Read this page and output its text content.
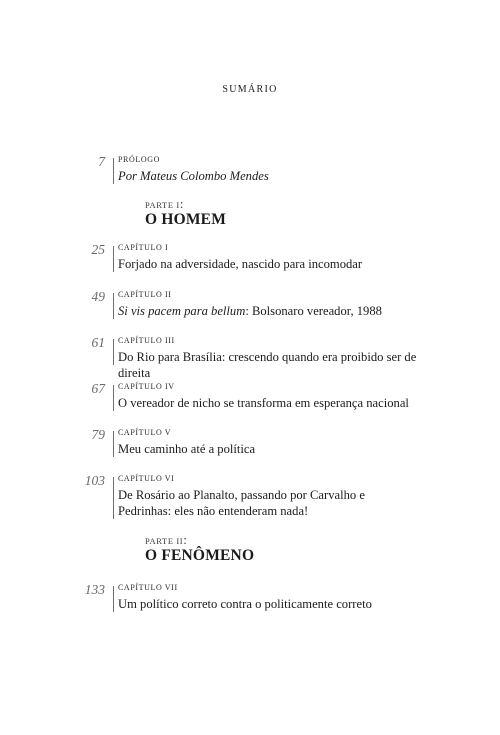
SUMÁRIO
7 PRÓLOGO
Por Mateus Colombo Mendes
PARTE I:
O HOMEM
25 CAPÍTULO I
Forjado na adversidade, nascido para incomodar
49 CAPÍTULO II
Si vis pacem para bellum: Bolsonaro vereador, 1988
61 CAPÍTULO III
Do Rio para Brasília: crescendo quando era proibido ser de direita
67 CAPÍTULO IV
O vereador de nicho se transforma em esperança nacional
79 CAPÍTULO V
Meu caminho até a política
103 CAPÍTULO VI
De Rosário ao Planalto, passando por Carvalho e Pedrinhas: eles não entenderam nada!
PARTE II:
O FENÔMENO
133 CAPÍTULO VII
Um político correto contra o politicamente correto
